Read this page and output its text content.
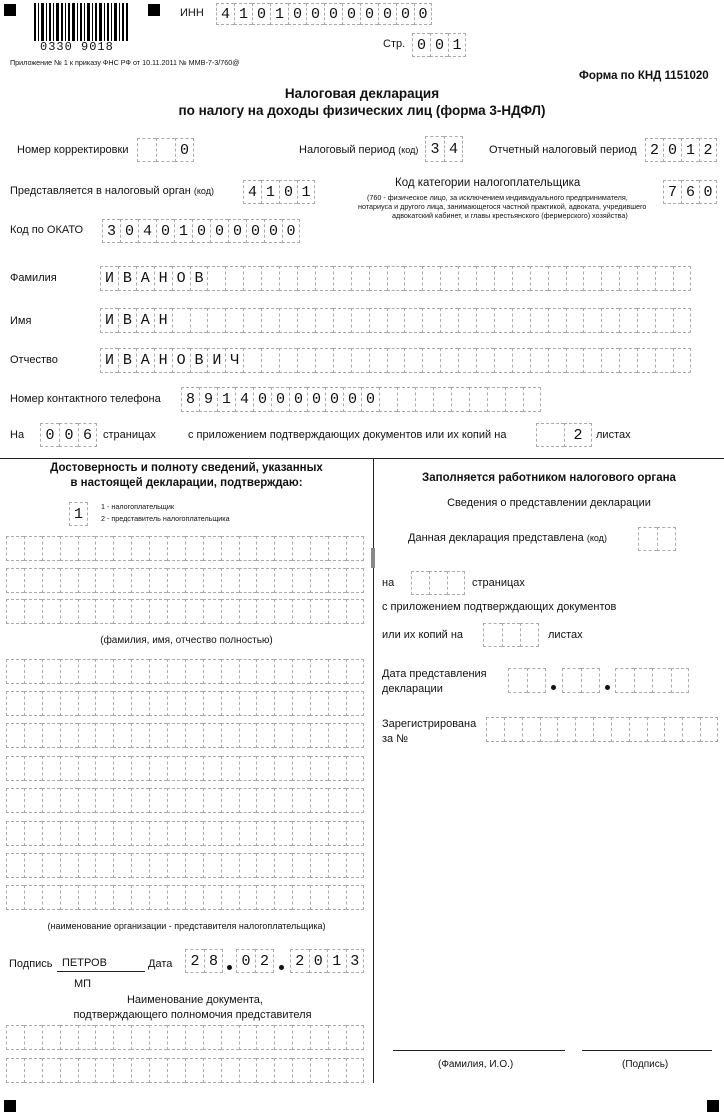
0330 9018
Приложение № 1 к приказу ФНС РФ от 10.11.2011 № ММВ-7-3/760@
ИНН	4 1 0 1 0 0 0 0 0 0 0 0
Стр. 0 0 1
Форма по КНД 1151020
Налоговая декларация
по налогу на доходы физических лиц (форма 3-НДФЛ)
Номер корректировки	0	Налоговый период (код) 3 4	Отчетный налоговый период 2 0 1 2
Представляется в налоговый орган (код)	4 1 0 1
Код категории налогоплательщика
(760 - физическое лицо, за исключением индивидуального предпринимателя,
нотариуса и другого лица, занимающегося частной практикой, адвоката, учредившего
адвокатский кабинет, и главы крестьянского (фермерского) хозяйства)
7 6 0
Код по ОКАТО	3 0 4 0 1 0 0 0 0 0 0
Фамилия	И В А Н О В
Имя	И В А Н
Отчество	И В А Н О В И Ч
Номер контактного телефона	8 9 1 4 0 0 0 0 0 0 0
На	0 0 6	страницах	с приложением подтверждающих документов или их копий на	2	листах
Достоверность и полноту сведений, указанных
в настоящей декларации, подтверждаю:
1	1 - налогоплательщик
2 - представитель налогоплательщика
(фамилия, имя, отчество полностью)
(наименование организации - представителя налогоплательщика)
Подпись ПЕТРОВ	Дата	2 8	0 2	2 0 1 3
МП
Наименование документа,
подтверждающего полномочия представителя
Заполняется работником налогового органа
Сведения о представлении декларации
Данная декларация представлена (код)
на	страницах
с приложением подтверждающих документов
или их копий на	листах
Дата представления
декларации
Зарегистрирована
за №
(Фамилия, И.О.)	(Подпись)
